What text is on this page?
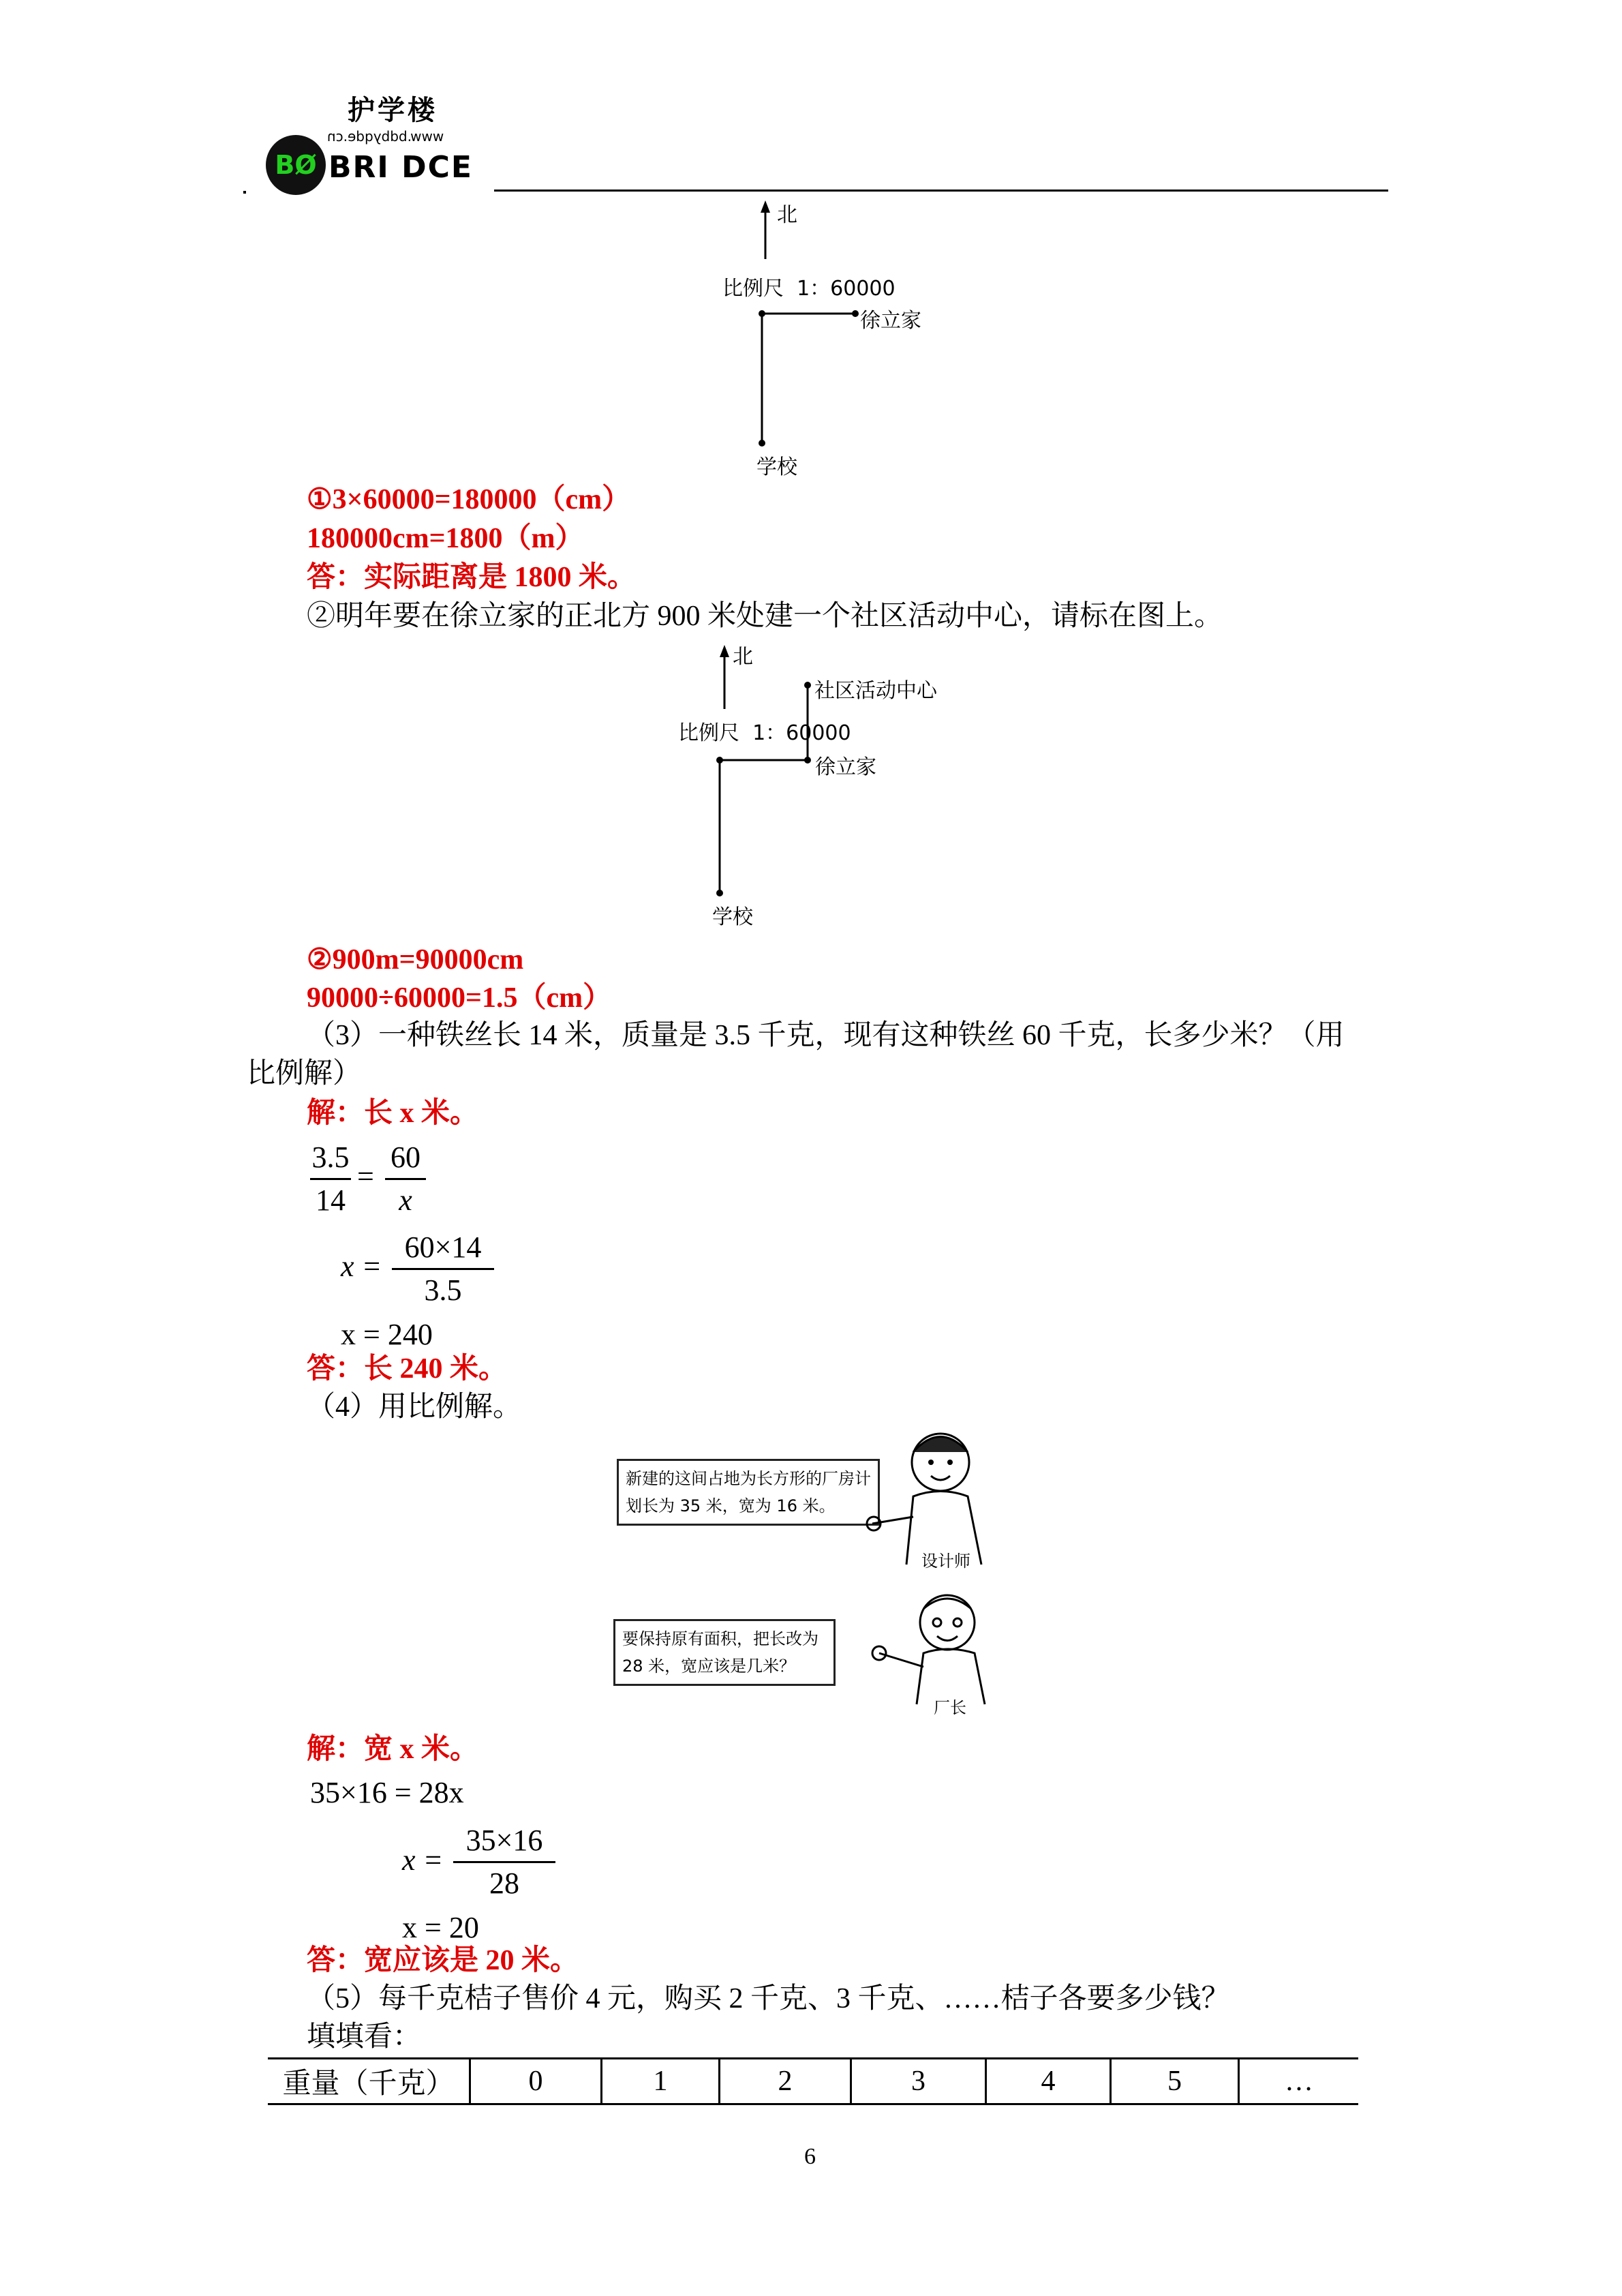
护学楼
www.bdbyqde.cn
BØ BRI DCE
北
比例尺  1：60000
徐立家
学校
①3×60000=180000（cm）
180000cm=1800（m）
答：实际距离是 1800 米。
②明年要在徐立家的正北方 900 米处建一个社区活动中心，请标在图上。
北
社区活动中心
比例尺  1：60000
徐立家
学校
②900m=90000cm
90000÷60000=1.5（cm）
（3）一种铁丝长 14 米，质量是 3.5 千克，现有这种铁丝 60 千克，长多少米？（用
比例解）
解：长 x 米。
3.5
14
=
60
x
x =
60×14
3.5
x = 240
答：长 240 米。
（4）用比例解。
新建的这间占地为长方形的厂房计划长为 35 米，宽为 16 米。
设计师
要保持原有面积，把长改为 28 米，宽应该是几米？
厂长
解：宽 x 米。
35×16 = 28x
x =
35×16
28
x = 20
答：宽应该是 20 米。
（5）每千克桔子售价 4 元，购买 2 千克、3 千克、……桔子各要多少钱？
填填看：
重量（千克）	0	1	2	3	4	5	…
6
